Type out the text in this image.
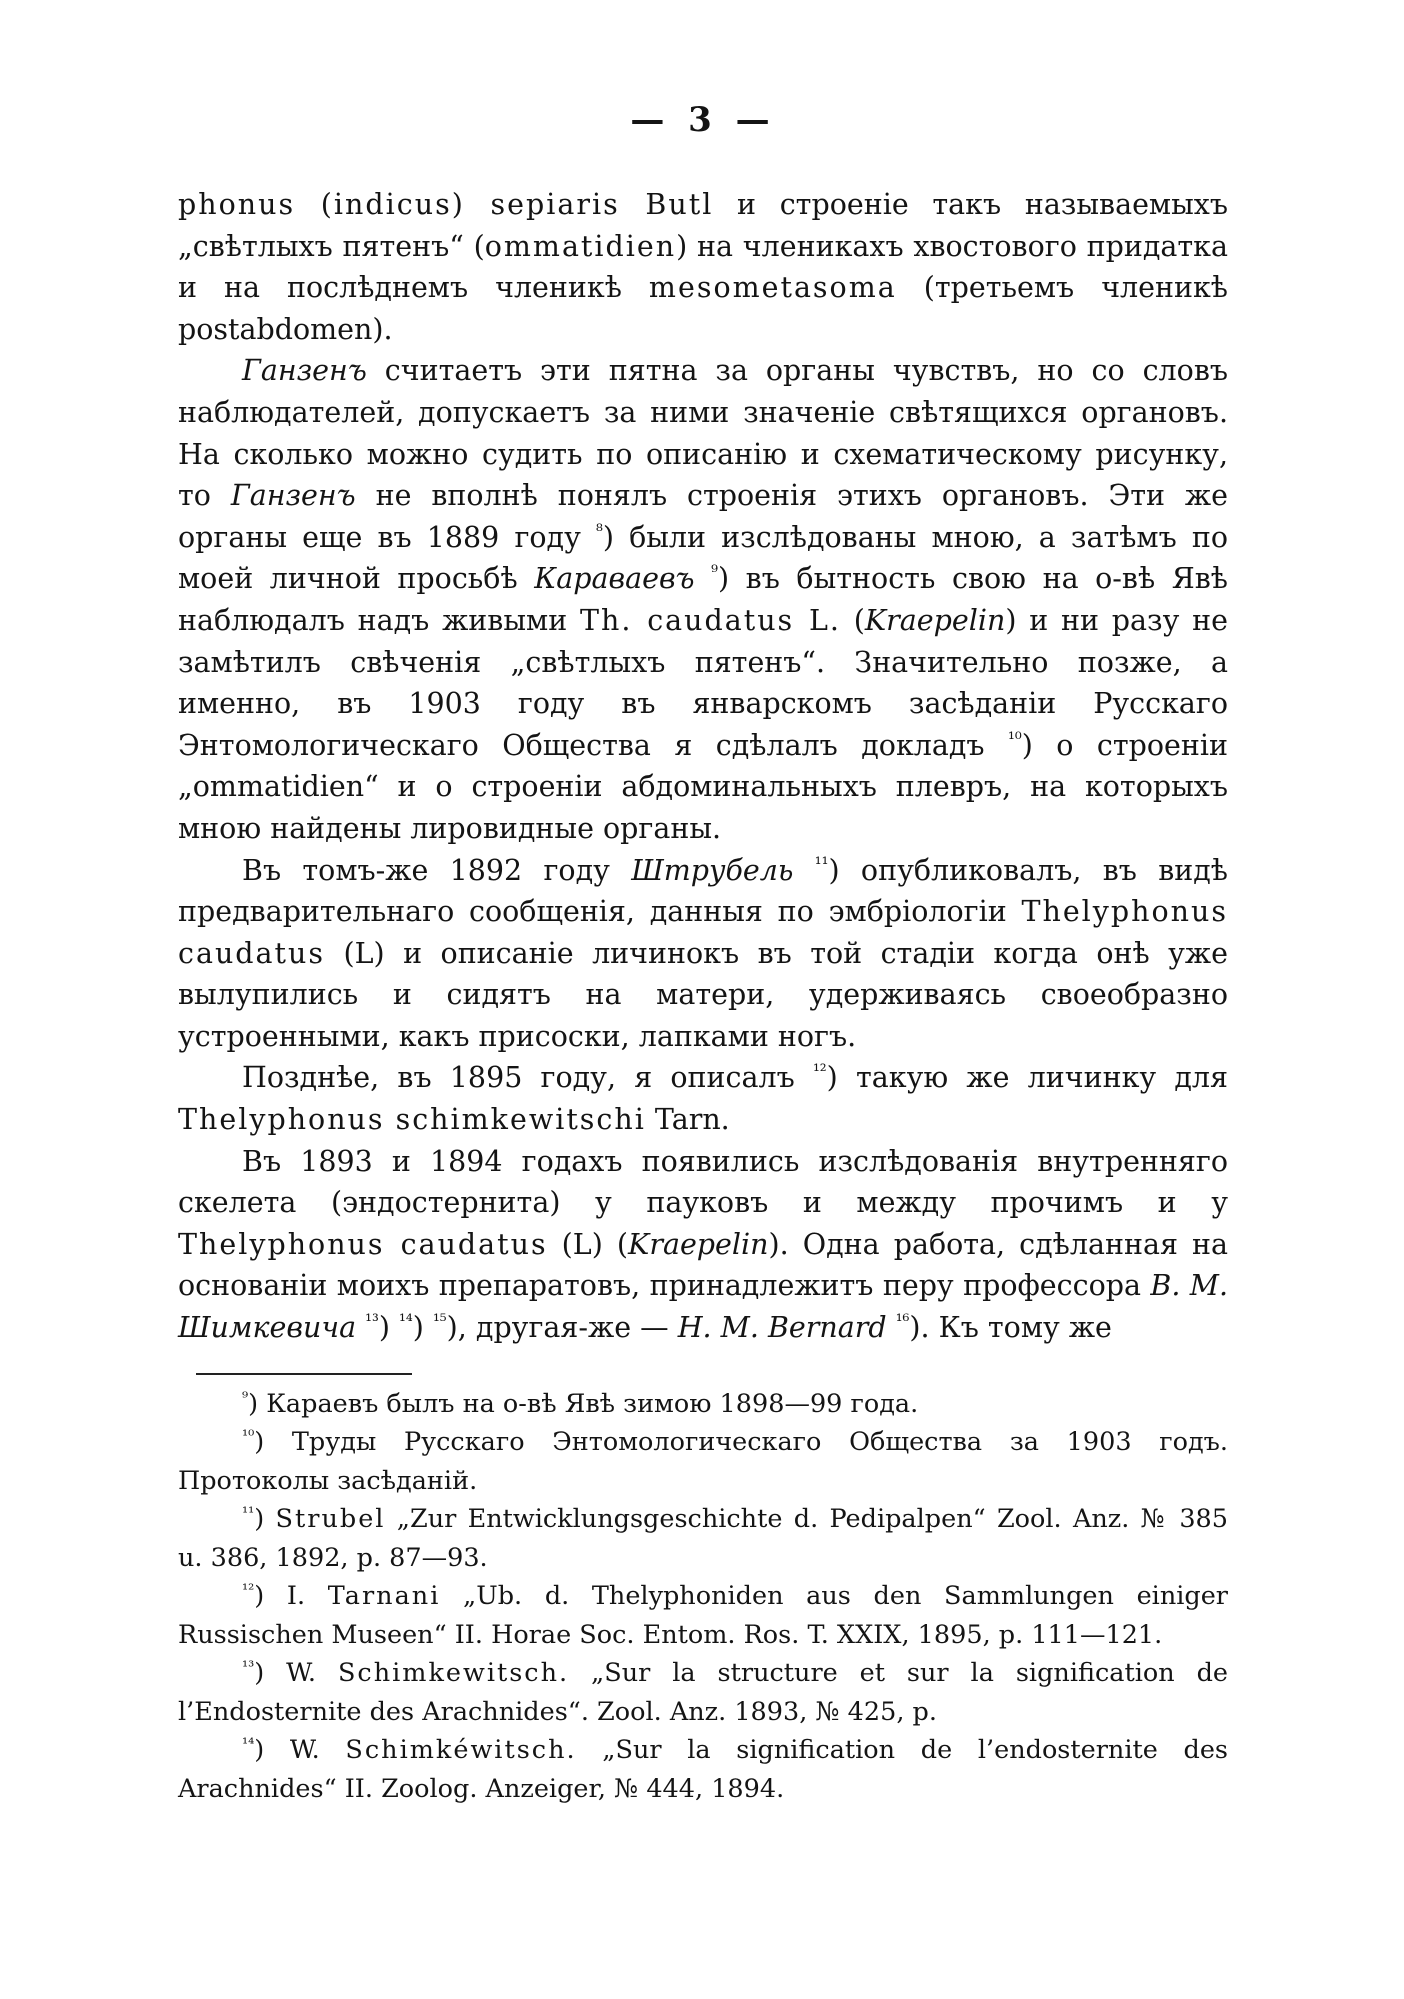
— 3 —

phonus (indicus) sepiaris Butl и строеніе такъ называемыхъ „свѣтлыхъ пятенъ“ (ommatidien) на членикахъ хвостового придатка и на послѣднемъ членикѣ mesometasoma (третьемъ членикѣ postabdomen).

Ганзенъ считаетъ эти пятна за органы чувствъ, но со словъ наблюдателей, допускаетъ за ними значеніе свѣтящихся органовъ. На сколько можно судить по описанію и схематическому рисунку, то Ганзенъ не вполнѣ понялъ строенія этихъ органовъ. Эти же органы еще въ 1889 году $^{^8}$) были изслѣдованы мною, а затѣмъ по моей личной просьбѣ Караваевъ $^{^9}$) въ бытность свою на о-вѣ Явѣ наблюдалъ надъ живыми Th. caudatus L. (Kraepelin) и ни разу не замѣтилъ свѣченія „свѣтлыхъ пятенъ“. Значительно позже, а именно, въ 1903 году въ январскомъ засѣданіи Русскаго Энтомологическаго Общества я сдѣлалъ докладъ $^{^{10}}$) о строеніи „ommatidien“ и о строеніи абдоминальныхъ плевръ, на которыхъ мною найдены лировидные органы.

Въ томъ-же 1892 году Штрубель $^{^{11}}$) опубликовалъ, въ видѣ предварительнаго сообщенія, данныя по эмбріологіи Thelyphonus caudatus (L) и описаніе личинокъ въ той стадіи когда онѣ уже вылупились и сидятъ на матери, удерживаясь своеобразно устроенными, какъ присоски, лапками ногъ.

Позднѣе, въ 1895 году, я описалъ $^{^{12}}$) такую же личинку для Thelyphonus schimkewitschi Tarn.

Въ 1893 и 1894 годахъ появились изслѣдованія внутренняго скелета (эндостернита) у пауковъ и между прочимъ и у Thelyphonus caudatus (L) (Kraepelin). Одна работа, сдѣланная на основаніи моихъ препаратовъ, принадлежитъ перу профессора В. М. Шимкевича $^{^{13}}$) $^{^{14}}$) $^{^{15}}$), другая-же — Н. М. Bernard $^{^{16}}$). Къ тому же

$^{^9}$) Караевъ былъ на о-вѣ Явѣ зимою 1898—99 года.

$^{^{10}}$) Труды Русскаго Энтомологическаго Общества за 1903 годъ. Протоколы засѣданій.

$^{^{11}}$) Strubel „Zur Entwicklungsgeschichte d. Pedipalpen“ Zool. Anz. № 385 u. 386, 1892, p. 87—93.

$^{^{12}}$) I. Tarnani „Ub. d. Thelyphoniden aus den Sammlungen einiger Russischen Museen“ II. Horae Soc. Entom. Ros. T. XXIX, 1895, p. 111—121.

$^{^{13}}$) W. Schimkewitsch. „Sur la structure et sur la signification de l’Endosternite des Arachnides“. Zool. Anz. 1893, № 425, p.

$^{^{14}}$) W. Schimkéwitsch. „Sur la signification de l’endosternite des Arachnides“ II. Zoolog. Anzeiger, № 444, 1894.
